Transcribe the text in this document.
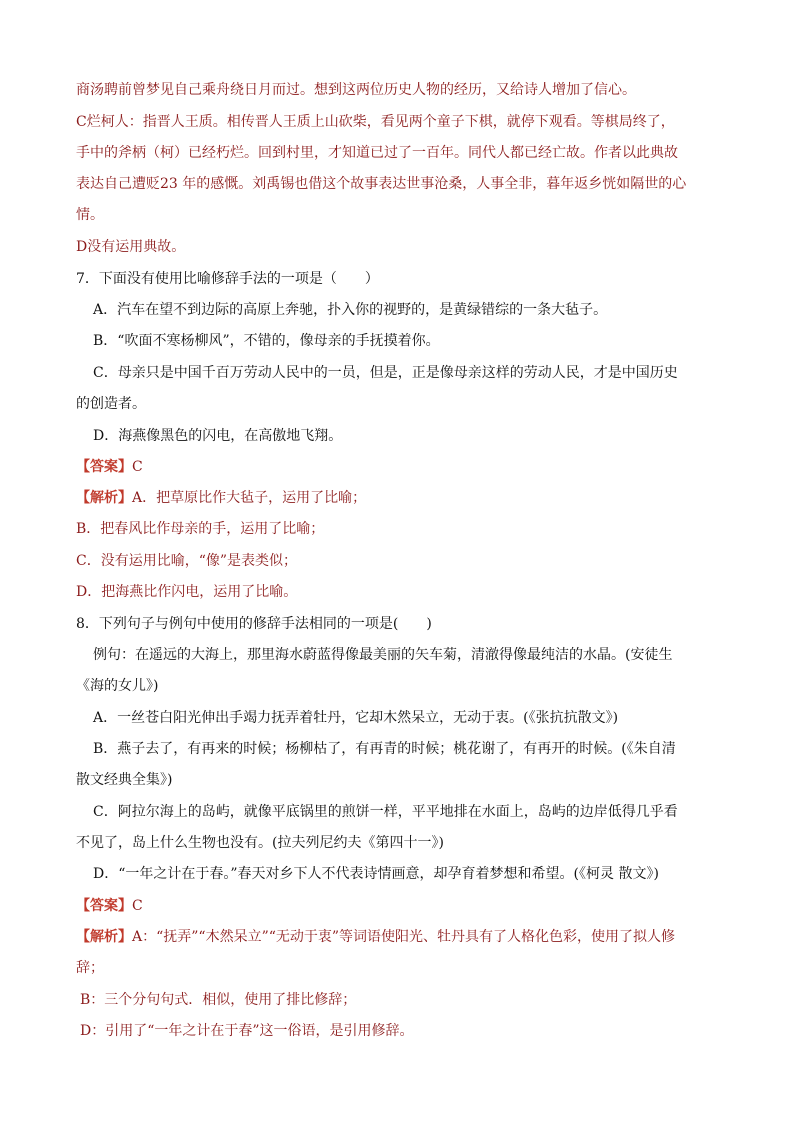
商汤聘前曾梦见自己乘舟绕日月而过。想到这两位历史人物的经历，又给诗人增加了信心。
C烂柯人：指晋人王质。相传晋人王质上山砍柴，看见两个童子下棋，就停下观看。等棋局终了，
手中的斧柄（柯）已经朽烂。回到村里，才知道已过了一百年。同代人都已经亡故。作者以此典故
表达自己遭贬23 年的感慨。刘禹锡也借这个故事表达世事沧桑，人事全非，暮年返乡恍如隔世的心
情。
D没有运用典故。
7．下面没有使用比喻修辞手法的一项是（　　）
A．汽车在望不到边际的高原上奔驰，扑入你的视野的，是黄绿错综的一条大毡子。
B．“吹面不寒杨柳风”，不错的，像母亲的手抚摸着你。
C．母亲只是中国千百万劳动人民中的一员，但是，正是像母亲这样的劳动人民，才是中国历史
的创造者。
D．海燕像黑色的闪电，在高傲地飞翔。
【答案】C
【解析】A．把草原比作大毡子，运用了比喻；
B．把春风比作母亲的手，运用了比喻；
C．没有运用比喻，“像”是表类似；
D．把海燕比作闪电，运用了比喻。
8．下列句子与例句中使用的修辞手法相同的一项是(　　)
例句：在遥远的大海上，那里海水蔚蓝得像最美丽的矢车菊，清澈得像最纯洁的水晶。(安徒生
《海的女儿》)
A．一丝苍白阳光伸出手竭力抚弄着牡丹，它却木然呆立，无动于衷。(《张抗抗散文》)
B．燕子去了，有再来的时候；杨柳枯了，有再青的时候；桃花谢了，有再开的时候。(《朱自清
散文经典全集》)
C．阿拉尔海上的岛屿，就像平底锅里的煎饼一样，平平地排在水面上，岛屿的边岸低得几乎看
不见了，岛上什么生物也没有。(拉夫列尼约夫《第四十一》)
D．“一年之计在于春。”春天对乡下人不代表诗情画意，却孕育着梦想和希望。(《柯灵 散文》)
【答案】C
【解析】A：“抚弄”“木然呆立”“无动于衷”等词语使阳光、牡丹具有了人格化色彩，使用了拟人修
辞；
B：三个分句句式．相似，使用了排比修辞；
D：引用了“一年之计在于春”这一俗语，是引用修辞。
